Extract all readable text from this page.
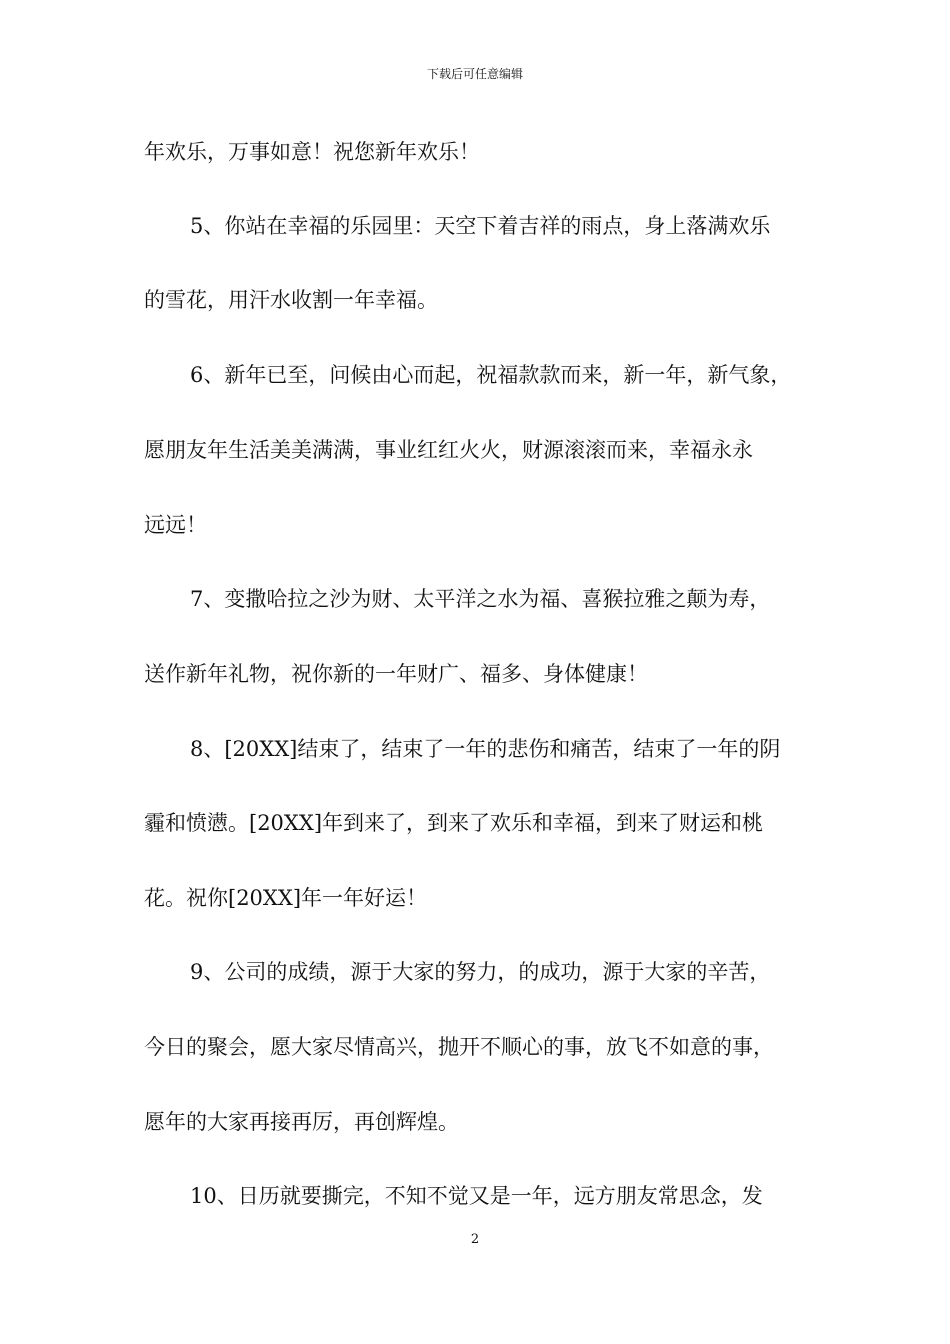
下载后可任意编辑
年欢乐，万事如意！祝您新年欢乐！
5、你站在幸福的乐园里：天空下着吉祥的雨点，身上落满欢乐
的雪花，用汗水收割一年幸福。
6、新年已至，问候由心而起，祝福款款而来，新一年，新气象，
愿朋友年生活美美满满，事业红红火火，财源滚滚而来，幸福永永
远远！
7、变撒哈拉之沙为财、太平洋之水为福、喜猴拉雅之颠为寿，
送作新年礼物，祝你新的一年财广、福多、身体健康！
8、[20XX]结束了，结束了一年的悲伤和痛苦，结束了一年的阴
霾和愤懑。[20XX]年到来了，到来了欢乐和幸福，到来了财运和桃
花。祝你[20XX]年一年好运！
9、公司的成绩，源于大家的努力，的成功，源于大家的辛苦，
今日的聚会，愿大家尽情高兴，抛开不顺心的事，放飞不如意的事，
愿年的大家再接再厉，再创辉煌。
10、日历就要撕完，不知不觉又是一年，远方朋友常思念，发
2
